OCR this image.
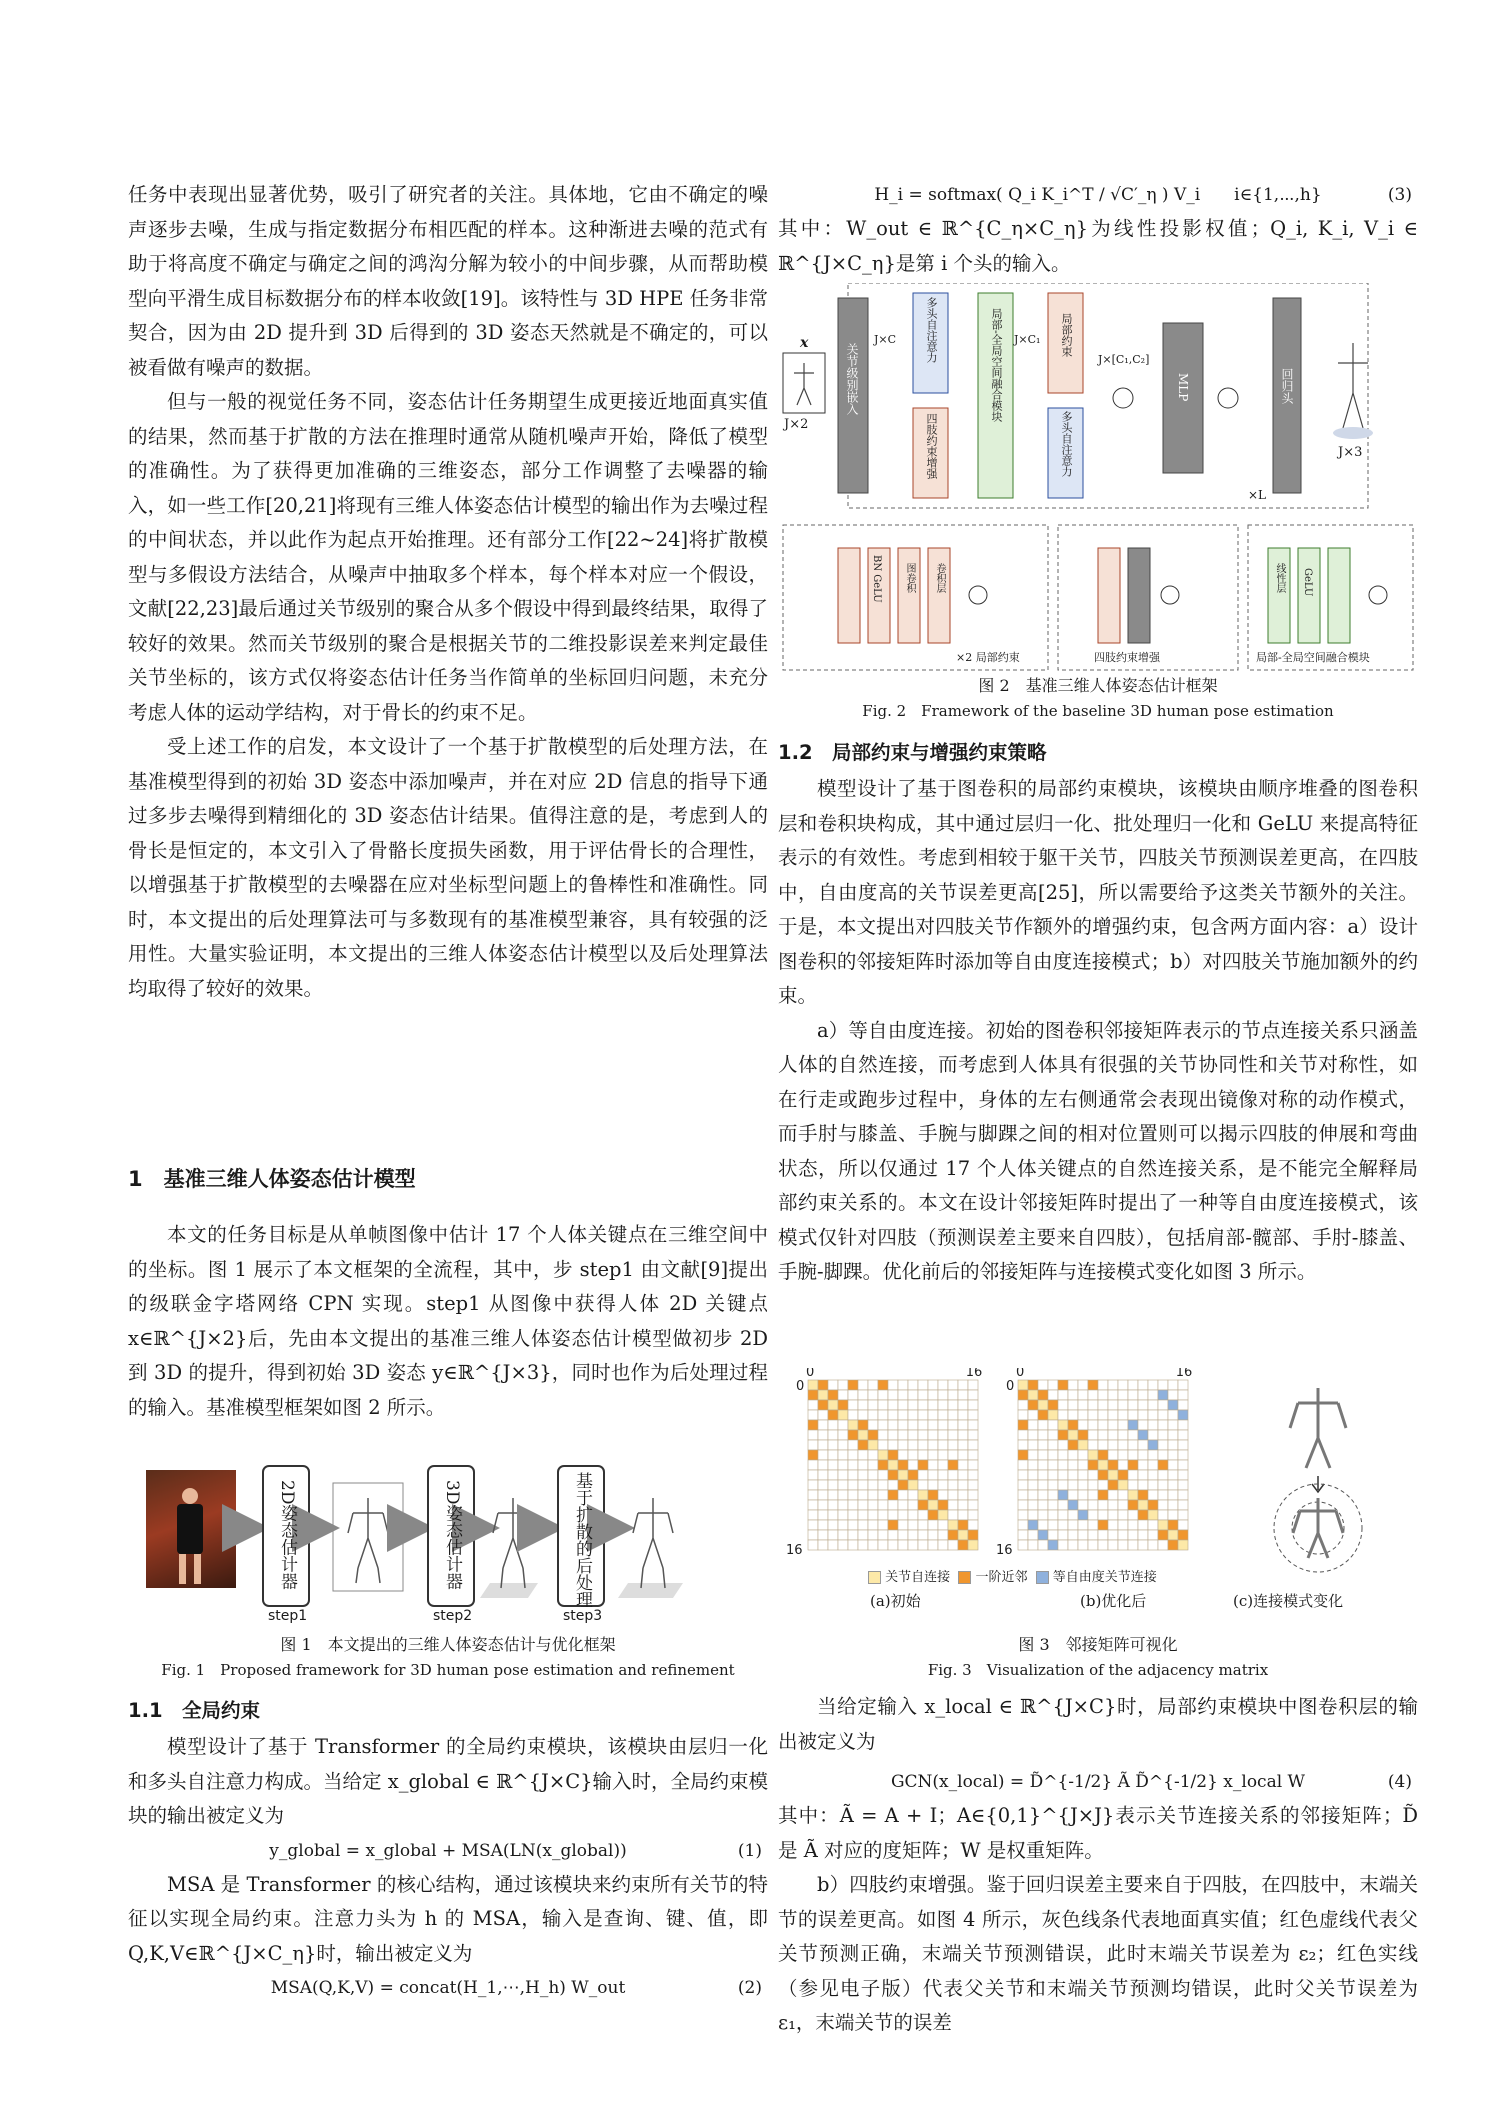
任务中表现出显著优势，吸引了研究者的关注。具体地，它由不确定的噪声逐步去噪，生成与指定数据分布相匹配的样本。这种渐进去噪的范式有助于将高度不确定与确定之间的鸿沟分解为较小的中间步骤，从而帮助模型向平滑生成目标数据分布的样本收敛[19]。该特性与 3D HPE 任务非常契合，因为由 2D 提升到 3D 后得到的 3D 姿态天然就是不确定的，可以被看做有噪声的数据。

但与一般的视觉任务不同，姿态估计任务期望生成更接近地面真实值的结果，然而基于扩散的方法在推理时通常从随机噪声开始，降低了模型的准确性。为了获得更加准确的三维姿态，部分工作调整了去噪器的输入，如一些工作[20,21]将现有三维人体姿态估计模型的输出作为去噪过程的中间状态，并以此作为起点开始推理。还有部分工作[22~24]将扩散模型与多假设方法结合，从噪声中抽取多个样本，每个样本对应一个假设，文献[22,23]最后通过关节级别的聚合从多个假设中得到最终结果，取得了较好的效果。然而关节级别的聚合是根据关节的二维投影误差来判定最佳关节坐标的，该方式仅将姿态估计任务当作简单的坐标回归问题，未充分考虑人体的运动学结构，对于骨长的约束不足。

受上述工作的启发，本文设计了一个基于扩散模型的后处理方法，在基准模型得到的初始 3D 姿态中添加噪声，并在对应 2D 信息的指导下通过多步去噪得到精细化的 3D 姿态估计结果。值得注意的是，考虑到人的骨长是恒定的，本文引入了骨骼长度损失函数，用于评估骨长的合理性，以增强基于扩散模型的去噪器在应对坐标型问题上的鲁棒性和准确性。同时，本文提出的后处理算法可与多数现有的基准模型兼容，具有较强的泛用性。大量实验证明，本文提出的三维人体姿态估计模型以及后处理算法均取得了较好的效果。

1　基准三维人体姿态估计模型

本文的任务目标是从单帧图像中估计 17 个人体关键点在三维空间中的坐标。图 1 展示了本文框架的全流程，其中，步 step1 由文献[9]提出的级联金字塔网络 CPN 实现。step1 从图像中获得人体 2D 关键点 x∈ℝ^{J×2}后，先由本文提出的基准三维人体姿态估计模型做初步 2D 到 3D 的提升，得到初始 3D 姿态 y∈ℝ^{J×3}，同时也作为后处理过程的输入。基准模型框架如图 2 所示。

2D姿态估计器	3D姿态估计器	基于扩散的后处理
step1	step2	step3
图 1　本文提出的三维人体姿态估计与优化框架
Fig. 1　Proposed framework for 3D human pose estimation and refinement
1.1　全局约束

模型设计了基于 Transformer 的全局约束模块，该模块由层归一化和多头自注意力构成。当给定 x_global ∈ ℝ^{J×C}输入时，全局约束模块的输出被定义为

y_global = x_global + MSA(LN(x_global))	(1)

MSA 是 Transformer 的核心结构，通过该模块来约束所有关节的特征以实现全局约束。注意力头为 h 的 MSA，输入是查询、键、值，即 Q,K,V∈ℝ^{J×C_η}时，输出被定义为

MSA(Q,K,V) = concat(H_1,⋯,H_h) W_out	(2)
H_i = softmax( Q_i K_i^T / √C′_η ) V_i　　i∈{1,⋯,h}	(3)

其中：W_out ∈ ℝ^{C_η×C_η}为线性投影权值；Q_i, K_i, V_i ∈ ℝ^{J×C_η}是第 i 个头的输入。

x
J×2
J×3
关节级别嵌入	回归头
多头自注意力
四肢约束增强
局部-全局空间融合模块	局部约束
多头自注意力
MLP
J×C	J×C₁
J×[C₁,C₂]
×L
×2 局部约束	四肢约束增强	局部-全局空间融合模块
BN GeLU 图卷积 卷积层	线性层 GeLU
图 2　基准三维人体姿态估计框架
Fig. 2　Framework of the baseline 3D human pose estimation
1.2　局部约束与增强约束策略

模型设计了基于图卷积的局部约束模块，该模块由顺序堆叠的图卷积层和卷积块构成，其中通过层归一化、批处理归一化和 GeLU 来提高特征表示的有效性。考虑到相较于躯干关节，四肢关节预测误差更高，在四肢中，自由度高的关节误差更高[25]，所以需要给予这类关节额外的关注。于是，本文提出对四肢关节作额外的增强约束，包含两方面内容：a）设计图卷积的邻接矩阵时添加等自由度连接模式；b）对四肢关节施加额外的约束。

a）等自由度连接。初始的图卷积邻接矩阵表示的节点连接关系只涵盖人体的自然连接，而考虑到人体具有很强的关节协同性和关节对称性，如在行走或跑步过程中，身体的左右侧通常会表现出镜像对称的动作模式，而手肘与膝盖、手腕与脚踝之间的相对位置则可以揭示四肢的伸展和弯曲状态，所以仅通过 17 个人体关键点的自然连接关系，是不能完全解释局部约束关系的。本文在设计邻接矩阵时提出了一种等自由度连接模式，该模式仅针对四肢（预测误差主要来自四肢），包括肩部-髋部、手肘-膝盖、手腕-脚踝。优化前后的邻接矩阵与连接模式变化如图 3 所示。

0	16
0
16
0	16
0
16
关节自连接 一阶近邻 等自由度关节连接
(a)初始	(b)优化后	(c)连接模式变化
图 3　邻接矩阵可视化
Fig. 3　Visualization of the adjacency matrix

当给定输入 x_local ∈ ℝ^{J×C}时，局部约束模块中图卷积层的输出被定义为

GCN(x_local) = D̃^{-1/2} Ã D̃^{-1/2} x_local W	(4)

其中：Ã = A + I；A∈{0,1}^{J×J}表示关节连接关系的邻接矩阵；D̃ 是 Ã 对应的度矩阵；W 是权重矩阵。

b）四肢约束增强。鉴于回归误差主要来自于四肢，在四肢中，末端关节的误差更高。如图 4 所示，灰色线条代表地面真实值；红色虚线代表父关节预测正确，末端关节预测错误，此时末端关节误差为 ε₂；红色实线（参见电子版）代表父关节和末端关节预测均错误，此时父关节误差为 ε₁，末端关节的误差
